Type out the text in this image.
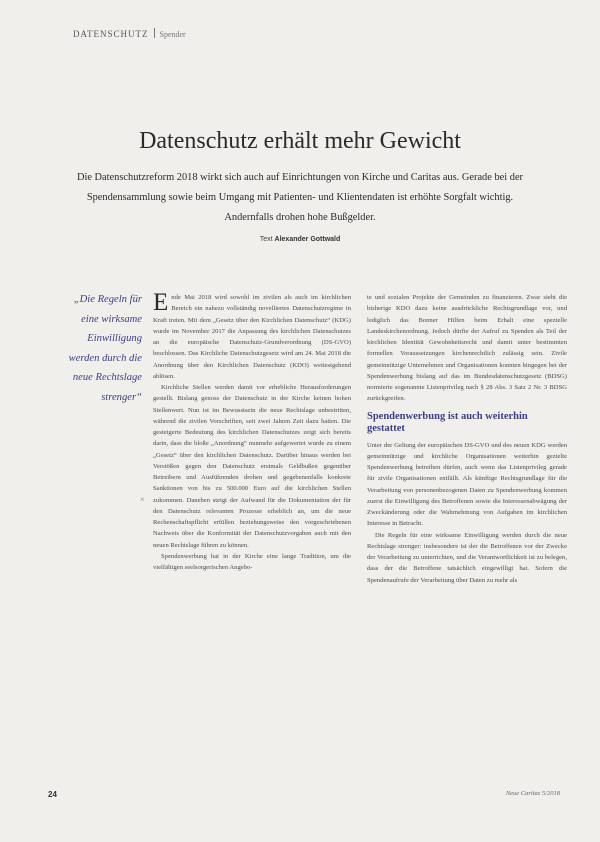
DATENSCHUTZ Spender
Datenschutz erhält mehr Gewicht
Die Datenschutzreform 2018 wirkt sich auch auf Einrichtungen von Kirche und Caritas aus. Gerade bei der Spendensammlung sowie beim Umgang mit Patienten- und Klientendaten ist erhöhte Sorgfalt wichtig. Andernfalls drohen hohe Bußgelder.
Text Alexander Gottwald
„Die Regeln für eine wirksame Einwilligung werden durch die neue Rechtslage strenger“

Ende Mai 2018 wird sowohl im zivilen als auch im kirchlichen Bereich ein nahezu vollständig novelliertes Datenschutzregime in Kraft treten. Mit dem „Gesetz über den Kirchlichen Datenschutz“ (KDG) wurde im November 2017 die Anpassung des kirchlichen Datenschutzes an die europäische Datenschutz-Grundverordnung (DS-GVO) beschlossen. Das Kirchliche Datenschutzgesetz wird am 24. Mai 2018 die Anordnung über den Kirchlichen Datenschutz (KDO) weitestgehend ablösen.

Kirchliche Stellen werden damit vor erhebliche Herausforderungen gestellt. Bislang genoss der Datenschutz in der Kirche keinen hohen Stellenwert. Nun ist im Bewusstsein die neue Rechtslage unbestritten, während die zivilen Vorschriften, seit zwei Jahren Zeit dazu hatten. Die gesteigerte Bedeutung des kirchlichen Datenschutzes zeigt sich bereits darin, dass die bloße „Anordnung“ nunmehr aufgewertet wurde zu einem „Gesetz“ über den kirchlichen Datenschutz. Darüber hinaus werden bei Verstößen gegen den Datenschutz erstmals Geldbußen gegenüber Betreibern und Ausführenden drohen und gegebenenfalls konkrete Sanktionen von bis zu 500.000 Euro auf die kirchlichen Stellen zukommen. Daneben steigt der Aufwand für die Dokumentation der für den Datenschutz relevanten Prozesse erheblich an, um die neue Rechenschaftspflicht erfüllen beziehungsweise den vorgeschriebenen Nachweis über die Konformität der Datenschutzvorgaben auch mit den neuen Rechtslage führen zu können.

Spendenwerbung hat in der Kirche eine lange Tradition, um die vielfältigen seelsorgerischen Angebo-

×

te und sozialen Projekte der Gemeinden zu finanzieren. Zwar sieht die bisherige KDO dazu keine ausdrückliche Rechtsgrundlage vor, und lediglich das Bonner Hilfen beim Erhalt eine spezielle Landeskirchenordnung. Jedoch dürfte der Aufruf zu Spenden als Teil der kirchlichen Identität Gewohnheitsrecht und damit unter bestimmten formellen Voraussetzungen kirchenrechtlich zulässig sein. Zivile gemeinnützige Unternehmen und Organisationen konnten hingegen bei der Spendenwerbung bislang auf das im Bundesdatenschutzgesetz (BDSG) normierte sogenannte Listenprivileg nach § 28 Abs. 3 Satz 2 Nr. 3 BDSG zurückgreifen.

Spendenwerbung ist auch weiterhin gestattet

Unter der Geltung der europäischen DS-GVO und des neuen KDG werden gemeinnützige und kirchliche Organisationen weiterhin gezielte Spendenwerbung betreiben dürfen, auch wenn das Listenprivileg gerade für zivile Organisationen entfällt. Als künftige Rechtsgrundlage für die Verarbeitung von personenbezogenen Daten zu Spendenwerbung kommen zuerst die Einwilligung des Betroffenen sowie die Interessenabwägung der Zweckänderung oder die Wahrnehmung von Aufgaben im kirchlichen Interesse in Betracht.

Die Regeln für eine wirksame Einwilligung werden durch die neue Rechtslage strenger: insbesondere ist der die Betroffenen vor der Zwecke der Verarbeitung zu unterrichten, und die Verantwortlichkeit ist zu belegen, dass der die Betroffene tatsächlich eingewilligt hat. Sofern die Spendenaufrufe der Verarbeitung über Daten zu mehr als

24	Neue Caritas 5/2018
